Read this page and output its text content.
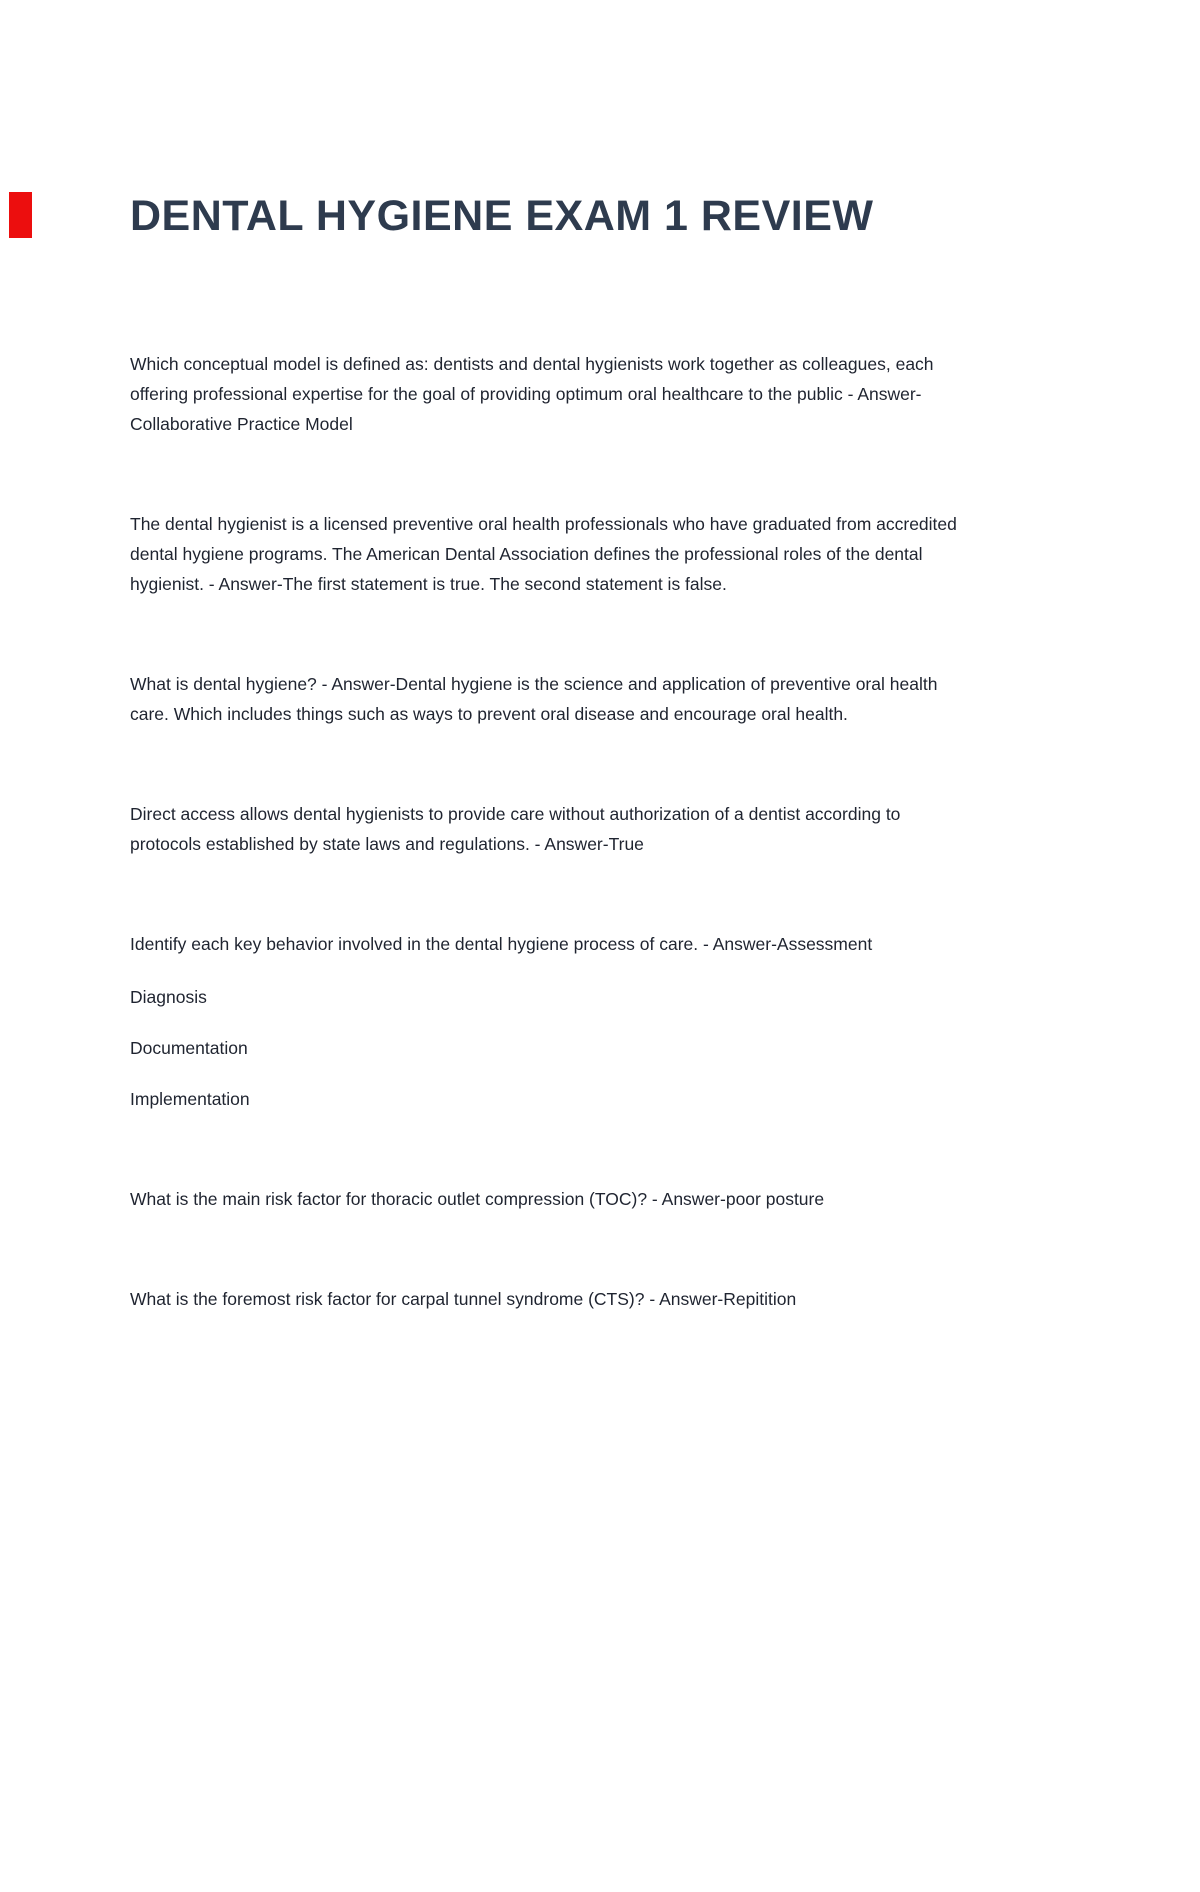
DENTAL HYGIENE EXAM 1 REVIEW

Which conceptual model is defined as: dentists and dental hygienists work together as colleagues, each offering professional expertise for the goal of providing optimum oral healthcare to the public - Answer-Collaborative Practice Model

The dental hygienist is a licensed preventive oral health professionals who have graduated from accredited dental hygiene programs. The American Dental Association defines the professional roles of the dental hygienist. - Answer-The first statement is true. The second statement is false.

What is dental hygiene? - Answer-Dental hygiene is the science and application of preventive oral health care. Which includes things such as ways to prevent oral disease and encourage oral health.

Direct access allows dental hygienists to provide care without authorization of a dentist according to protocols established by state laws and regulations. - Answer-True

Identify each key behavior involved in the dental hygiene process of care. - Answer-Assessment

Diagnosis

Documentation

Implementation

What is the main risk factor for thoracic outlet compression (TOC)? - Answer-poor posture

What is the foremost risk factor for carpal tunnel syndrome (CTS)? - Answer-Repitition
